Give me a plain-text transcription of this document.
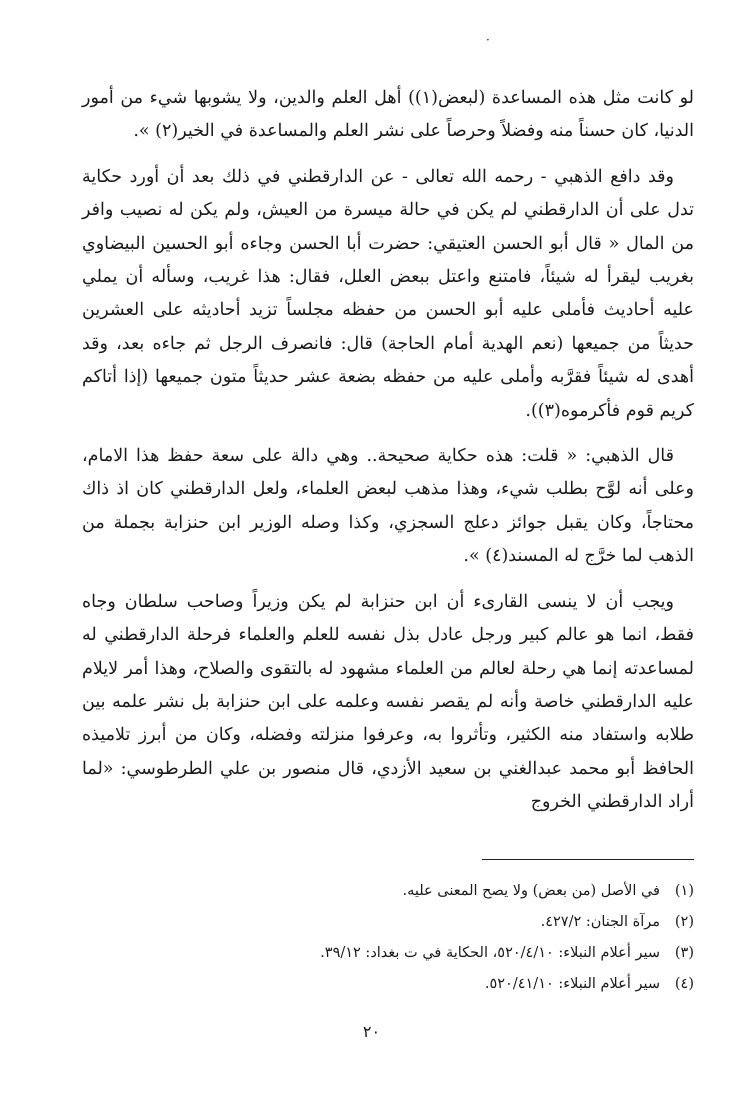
·

لو كانت مثل هذه المساعدة (لبعض(١)) أهل العلم والدين، ولا يشوبها شيء من أمور الدنيا، كان حسناً منه وفضلاً وحرصاً على نشر العلم والمساعدة في الخير(٢) ».

وقد دافع الذهبي - رحمه الله تعالى - عن الدارقطني في ذلك بعد أن أورد حكاية تدل على أن الدارقطني لم يكن في حالة ميسرة من العيش، ولم يكن له نصيب وافر من المال « قال أبو الحسن العتيقي: حضرت أبا الحسن وجاءه أبو الحسين البيضاوي بغريب ليقرأ له شيئاً، فامتنع واعتل ببعض العلل، فقال: هذا غريب، وسأله أن يملي عليه أحاديث فأملى عليه أبو الحسن من حفظه مجلساً تزيد أحاديثه على العشرين حديثاً من جميعها (نعم الهدية أمام الحاجة) قال: فانصرف الرجل ثم جاءه بعد، وقد أهدى له شيئاً فقرَّبه وأملى عليه من حفظه بضعة عشر حديثاً متون جميعها (إذا أتاكم كريم قوم فأكرموه(٣)).

قال الذهبي: « قلت: هذه حكاية صحيحة.. وهي دالة على سعة حفظ هذا الامام، وعلى أنه لوَّح بطلب شيء، وهذا مذهب لبعض العلماء، ولعل الدارقطني كان اذ ذاك محتاجاً، وكان يقبل جوائز دعلج السجزي، وكذا وصله الوزير ابن حنزابة بجملة من الذهب لما خرَّج له المسند(٤) ».

ويجب أن لا ينسى القارىء أن ابن حنزابة لم يكن وزيراً وصاحب سلطان وجاه فقط، انما هو عالم كبير ورجل عادل بذل نفسه للعلم والعلماء فرحلة الدارقطني له لمساعدته إنما هي رحلة لعالم من العلماء مشهود له بالتقوى والصلاح، وهذا أمر لايلام عليه الدارقطني خاصة وأنه لم يقصر نفسه وعلمه على ابن حنزابة بل نشر علمه بين طلابه واستفاد منه الكثير، وتأثروا به، وعرفوا منزلته وفضله، وكان من أبرز تلاميذه الحافظ أبو محمد عبدالغني بن سعيد الأزدي، قال منصور بن علي الطرطوسي: «لما أراد الدارقطني الخروج

(١)
في الأصل (من بعض) ولا يصح المعنى عليه.
(٢)
مرآة الجنان: ٤٢٧/٢.
(٣)
سير أعلام النبلاء: ٥٢٠/٤/١٠، الحكاية في ت بغداد: ٣٩/١٢.
(٤)
سير أعلام النبلاء: ٥٢٠/٤١/١٠.
٢٠
